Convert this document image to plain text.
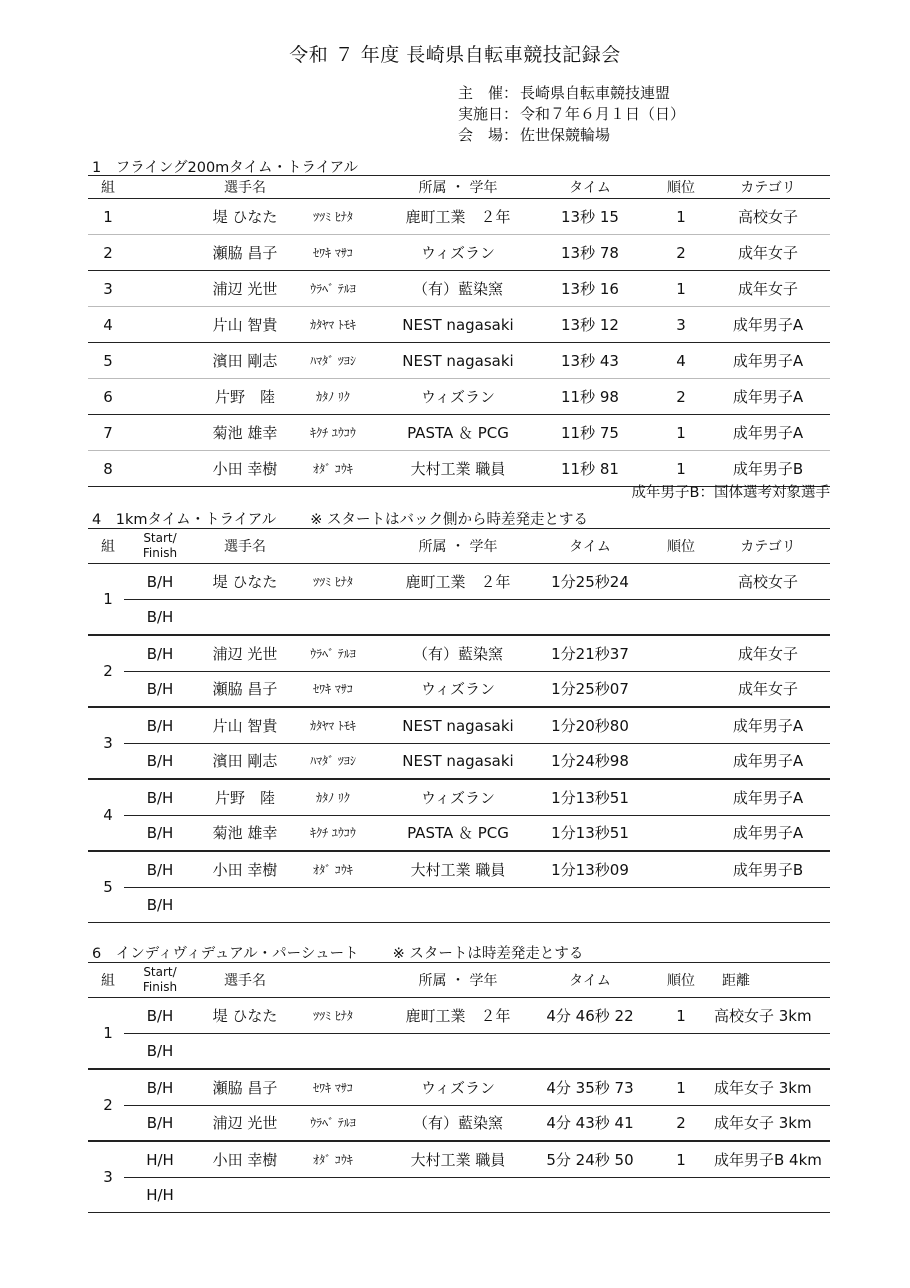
令和 ７ 年度 長崎県自転車競技記録会
主　催： 長崎県自転車競技連盟
実施日： 令和７年６月１日（日）
会　場： 佐世保競輪場
1　フライング200mタイム・トライアル
組	選手名	所属 ・ 学年	タイム	順位	カテゴリ
1	堤 ひなた	ﾂﾂﾐ ﾋﾅﾀ	鹿町工業　２年	13秒 15	1	高校女子
2	瀬脇 昌子	ｾﾜｷ ﾏｻｺ	ウィズラン	13秒 78	2	成年女子
3	浦辺 光世	ｳﾗﾍﾞ ﾃﾙﾖ	（有）藍染窯	13秒 16	1	成年女子
4	片山 智貴	ｶﾀﾔﾏ ﾄﾓｷ	NEST nagasaki	13秒 12	3	成年男子A
5	濱田 剛志	ﾊﾏﾀﾞ ﾂﾖｼ	NEST nagasaki	13秒 43	4	成年男子A
6	片野　陸	ｶﾀﾉ ﾘｸ	ウィズラン	11秒 98	2	成年男子A
7	菊池 雄幸	ｷｸﾁ ﾕｳｺｳ	PASTA ＆ PCG	11秒 75	1	成年男子A
8	小田 幸樹	ｵﾀﾞ ｺｳｷ	大村工業 職員	11秒 81	1	成年男子B
成年男子B：国体選考対象選手
4　1kmタイム・トライアル ※ スタートはバック側から時差発走とする
組
Start/
Finish	選手名	所属 ・ 学年	タイム	順位	カテゴリ
1
B/H	堤 ひなた	ﾂﾂﾐ ﾋﾅﾀ	鹿町工業　２年	1分25秒24	高校女子
B/H
2
B/H	浦辺 光世	ｳﾗﾍﾞ ﾃﾙﾖ	（有）藍染窯	1分21秒37	成年女子
B/H	瀬脇 昌子	ｾﾜｷ ﾏｻｺ	ウィズラン	1分25秒07	成年女子
3
B/H	片山 智貴	ｶﾀﾔﾏ ﾄﾓｷ	NEST nagasaki	1分20秒80	成年男子A
B/H	濱田 剛志	ﾊﾏﾀﾞ ﾂﾖｼ	NEST nagasaki	1分24秒98	成年男子A
4
B/H	片野　陸	ｶﾀﾉ ﾘｸ	ウィズラン	1分13秒51	成年男子A
B/H	菊池 雄幸	ｷｸﾁ ﾕｳｺｳ	PASTA ＆ PCG	1分13秒51	成年男子A
5
B/H	小田 幸樹	ｵﾀﾞ ｺｳｷ	大村工業 職員	1分13秒09	成年男子B
B/H
6　インディヴィデュアル・パーシュート ※ スタートは時差発走とする
組
Start/
Finish	選手名	所属 ・ 学年	タイム	順位	距離
1
B/H	堤 ひなた	ﾂﾂﾐ ﾋﾅﾀ	鹿町工業　２年	4分 46秒 22	1	高校女子 3km
B/H
2
B/H	瀬脇 昌子	ｾﾜｷ ﾏｻｺ	ウィズラン	4分 35秒 73	1	成年女子 3km
B/H	浦辺 光世	ｳﾗﾍﾞ ﾃﾙﾖ	（有）藍染窯	4分 43秒 41	2	成年女子 3km
3
H/H	小田 幸樹	ｵﾀﾞ ｺｳｷ	大村工業 職員	5分 24秒 50	1	成年男子B 4km
H/H
